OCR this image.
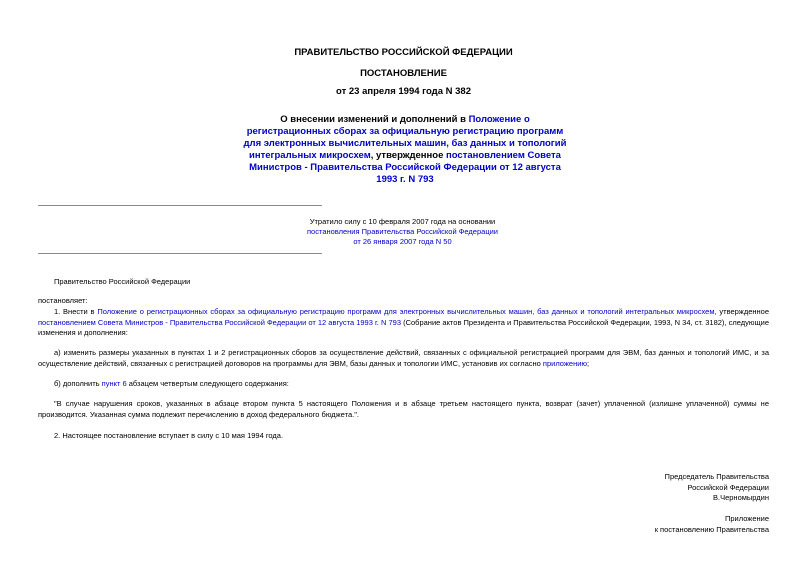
ПРАВИТЕЛЬСТВО РОССИЙСКОЙ ФЕДЕРАЦИИ
ПОСТАНОВЛЕНИЕ
от 23 апреля 1994 года N 382
О внесении изменений и дополнений в Положение о регистрационных сборах за официальную регистрацию программ для электронных вычислительных машин, баз данных и топологий интегральных микросхем, утвержденное постановлением Совета Министров - Правительства Российской Федерации от 12 августа 1993 г. N 793
Утратило силу с 10 февраля 2007 года на основании
постановления Правительства Российской Федерации
от 26 января 2007 года N 50
Правительство Российской Федерации
постановляет:
1. Внести в Положение о регистрационных сборах за официальную регистрацию программ для электронных вычислительных машин, баз данных и топологий интегральных микросхем, утвержденное постановлением Совета Министров - Правительства Российской Федерации от 12 августа 1993 г. N 793 (Собрание актов Президента и Правительства Российской Федерации, 1993, N 34, ст. 3182), следующие изменения и дополнения:
а) изменить размеры указанных в пунктах 1 и 2 регистрационных сборов за осуществление действий, связанных с официальной регистрацией программ для ЭВМ, баз данных и топологий ИМС, и за осуществление действий, связанных с регистрацией договоров на программы для ЭВМ, базы данных и топологии ИМС, установив их согласно приложению;
б) дополнить пункт 6 абзацем четвертым следующего содержания:
"В случае нарушения сроков, указанных в абзаце втором пункта 5 настоящего Положения и в абзаце третьем настоящего пункта, возврат (зачет) уплаченной (излишне уплаченной) суммы не производится. Указанная сумма подлежит перечислению в доход федерального бюджета.".
2. Настоящее постановление вступает в силу с 10 мая 1994 года.
Председатель Правительства
Российской Федерации
В.Черномырдин
Приложение
к постановлению Правительства
